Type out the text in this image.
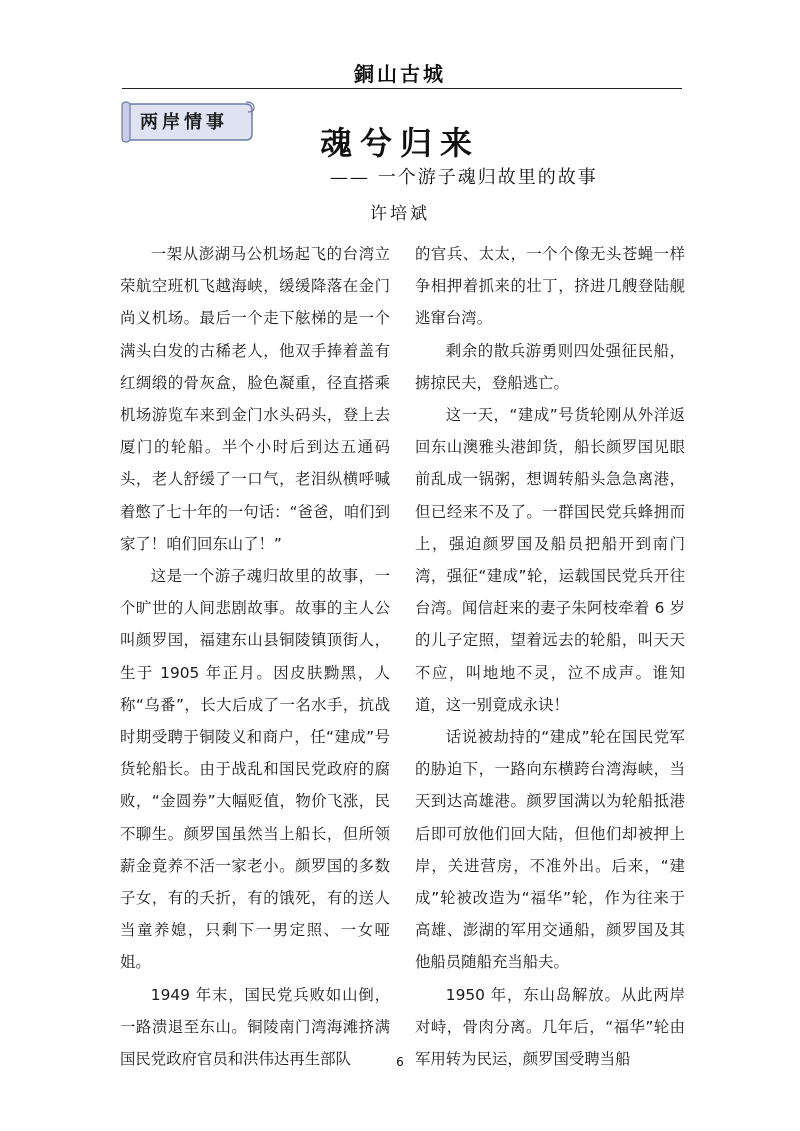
銅山古城
两岸情事
魂兮归来
—— 一个游子魂归故里的故事
许培斌

一架从澎湖马公机场起飞的台湾立荣航空班机飞越海峡，缓缓降落在金门尚义机场。最后一个走下舷梯的是一个满头白发的古稀老人，他双手捧着盖有红绸缎的骨灰盒，脸色凝重，径直搭乘机场游览车来到金门水头码头，登上去厦门的轮船。半个小时后到达五通码头，老人舒缓了一口气，老泪纵横呼喊着憋了七十年的一句话：“爸爸，咱们到家了！咱们回东山了！”

这是一个游子魂归故里的故事，一个旷世的人间悲剧故事。故事的主人公叫颜罗国，福建东山县铜陵镇顶街人，生于 1905 年正月。因皮肤黝黑，人称“乌番”，长大后成了一名水手，抗战时期受聘于铜陵义和商户，任“建成”号货轮船长。由于战乱和国民党政府的腐败，“金圆券”大幅贬值，物价飞涨，民不聊生。颜罗国虽然当上船长，但所领薪金竟养不活一家老小。颜罗国的多数子女，有的夭折，有的饿死，有的送人当童养媳，只剩下一男定照、一女哑姐。

1949 年末，国民党兵败如山倒，一路溃退至东山。铜陵南门湾海滩挤满国民党政府官员和洪伟达再生部队

的官兵、太太，一个个像无头苍蝇一样争相押着抓来的壮丁，挤进几艘登陆舰逃窜台湾。

剩余的散兵游勇则四处强征民船，掳掠民夫，登船逃亡。

这一天，“建成”号货轮刚从外洋返回东山澳雅头港卸货，船长颜罗国见眼前乱成一锅粥，想调转船头急急离港，但已经来不及了。一群国民党兵蜂拥而上，强迫颜罗国及船员把船开到南门湾，强征“建成”轮，运载国民党兵开往台湾。闻信赶来的妻子朱阿枝牵着 6 岁的儿子定照，望着远去的轮船，叫天天不应，叫地地不灵，泣不成声。谁知道，这一别竟成永诀！

话说被劫持的“建成”轮在国民党军的胁迫下，一路向东横跨台湾海峡，当天到达高雄港。颜罗国满以为轮船抵港后即可放他们回大陆，但他们却被押上岸，关进营房，不准外出。后来，“建成”轮被改造为“福华”轮，作为往来于高雄、澎湖的军用交通船，颜罗国及其他船员随船充当船夫。

1950 年，东山岛解放。从此两岸对峙，骨肉分离。几年后，“福华”轮由军用转为民运，颜罗国受聘当船

6
